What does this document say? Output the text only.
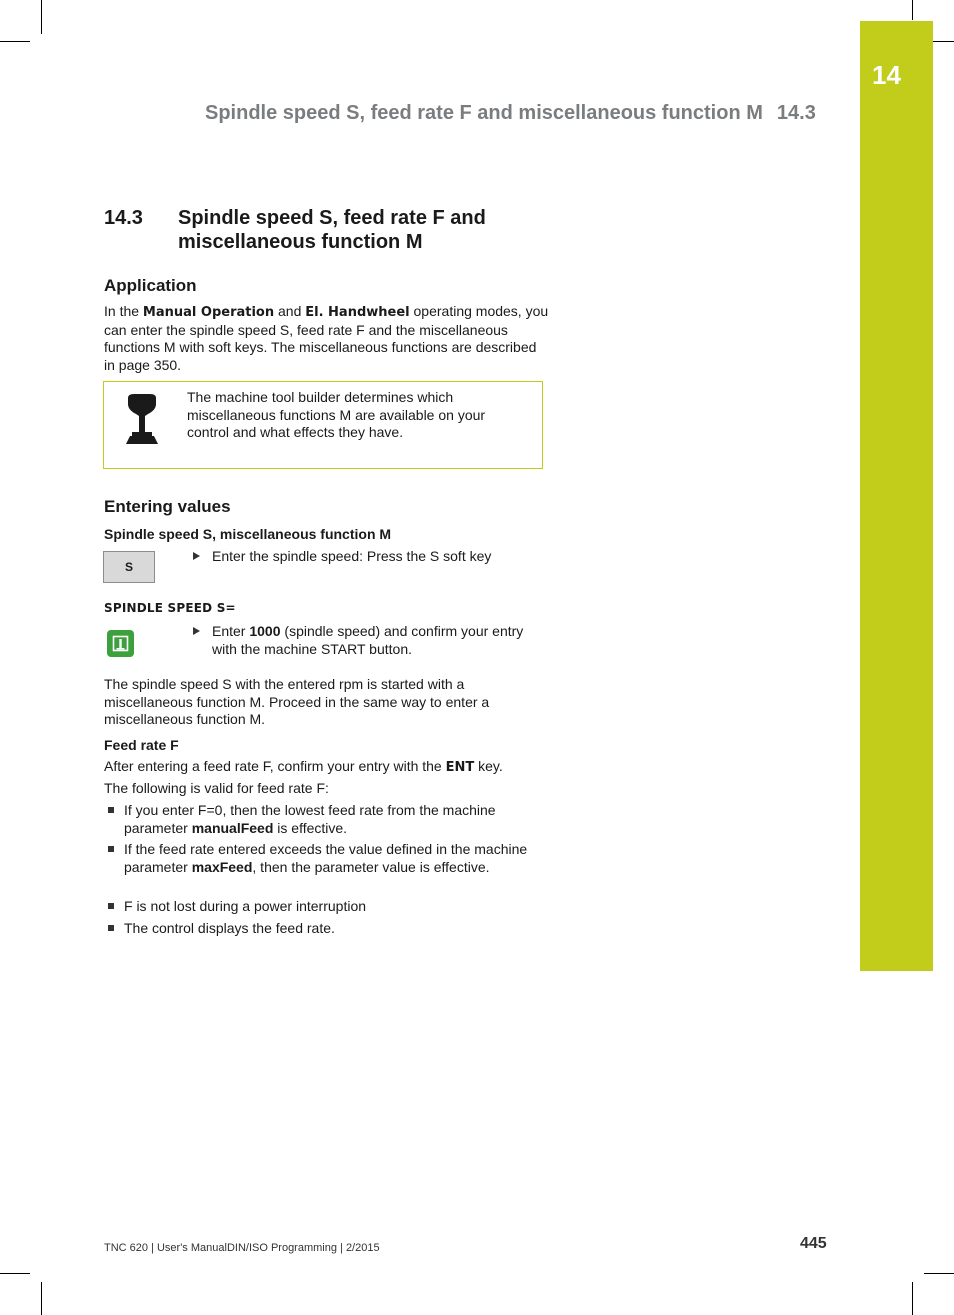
14
Spindle speed S, feed rate F and miscellaneous function M 14.3
14.3 Spindle speed S, feed rate F and miscellaneous function M
Application
In the Manual Operation and El. Handwheel operating modes, you can enter the spindle speed S, feed rate F and the miscellaneous functions M with soft keys. The miscellaneous functions are described in page 350.
The machine tool builder determines which miscellaneous functions M are available on your control and what effects they have.
Entering values
Spindle speed S, miscellaneous function M
S
Enter the spindle speed: Press the S soft key
SPINDLE SPEED S=
Enter 1000 (spindle speed) and confirm your entry with the machine START button.
The spindle speed S with the entered rpm is started with a miscellaneous function M. Proceed in the same way to enter a miscellaneous function M.
Feed rate F
After entering a feed rate F, confirm your entry with the ENT key.
The following is valid for feed rate F:
If you enter F=0, then the lowest feed rate from the machine parameter manualFeed is effective.
If the feed rate entered exceeds the value defined in the machine parameter maxFeed, then the parameter value is effective.
F is not lost during a power interruption
The control displays the feed rate.
TNC 620 | User's ManualDIN/ISO Programming | 2/2015	445
